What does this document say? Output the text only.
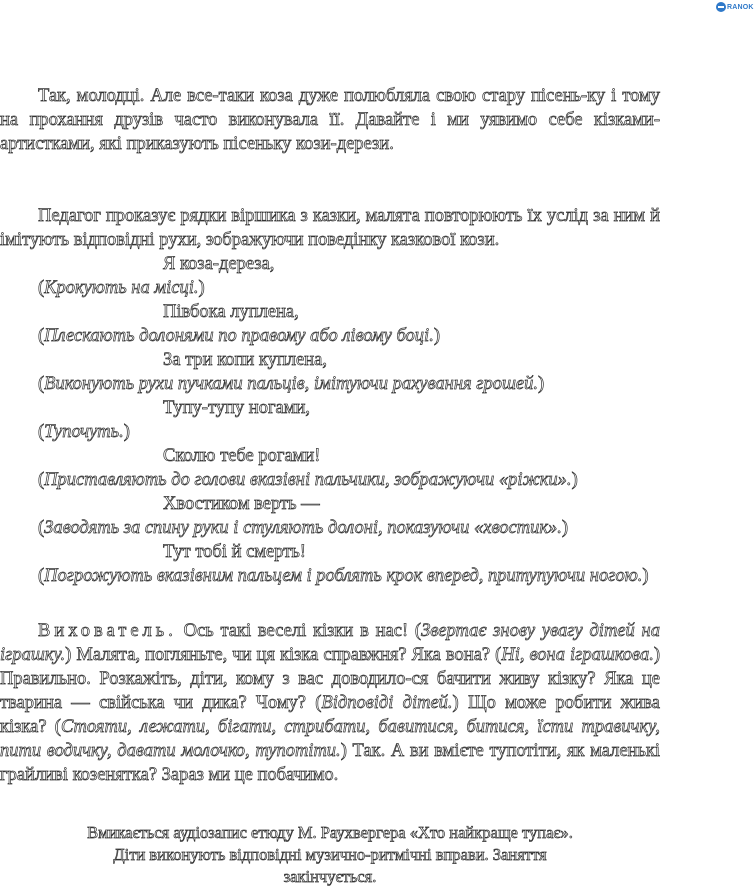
RANOK

Так, молодці. Але все-таки коза дуже полюбляла свою стару пісень-ку і тому на прохання друзів часто виконувала її. Давайте і ми уявимо себе кізками-артистками, які приказують пісеньку кози-дерези.

Педагог проказує рядки віршика з казки, малята повторюють їх услід за ним й імітують відповідні рухи, зображуючи поведінку казкової кози.

Я коза-дереза,

(Крокують на місці.)

Півбока луплена,

(Плескають долонями по правому або лівому боці.)

За три копи куплена,

(Виконують рухи пучками пальців, імітуючи рахування грошей.)

Тупу-тупу ногами,

(Тупочуть.)

Сколю тебе рогами!

(Приставляють до голови вказівні пальчики, зображуючи «ріжки».)

Хвостиком верть —

(Заводять за спину руки і стуляють долоні, показуючи «хвостик».)

Тут тобі й смерть!

(Погрожують вказівним пальцем і роблять крок вперед, притупуючи ногою.)

Вихователь. Ось такі веселі кізки в нас! (Звертає знову увагу дітей на іграшку.) Малята, погляньте, чи ця кізка справжня? Яка вона? (Ні, вона іграшкова.) Правильно. Розкажіть, діти, кому з вас доводило-ся бачити живу кізку? Яка це тварина — свійська чи дика? Чому? (Відповіді дітей.) Що може робити жива кізка? (Стояти, лежати, бігати, стрибати, бавитися, битися, їсти травичку, пити водичку, давати молочко, тупотіти.) Так. А ви вмієте тупотіти, як маленькі грайливі козенятка? Зараз ми це побачимо.

Вмикається аудіозапис етюду М. Раухвергера «Хто найкраще тупає». Діти виконують відповідні музично-ритмічні вправи. Заняття закінчується.
